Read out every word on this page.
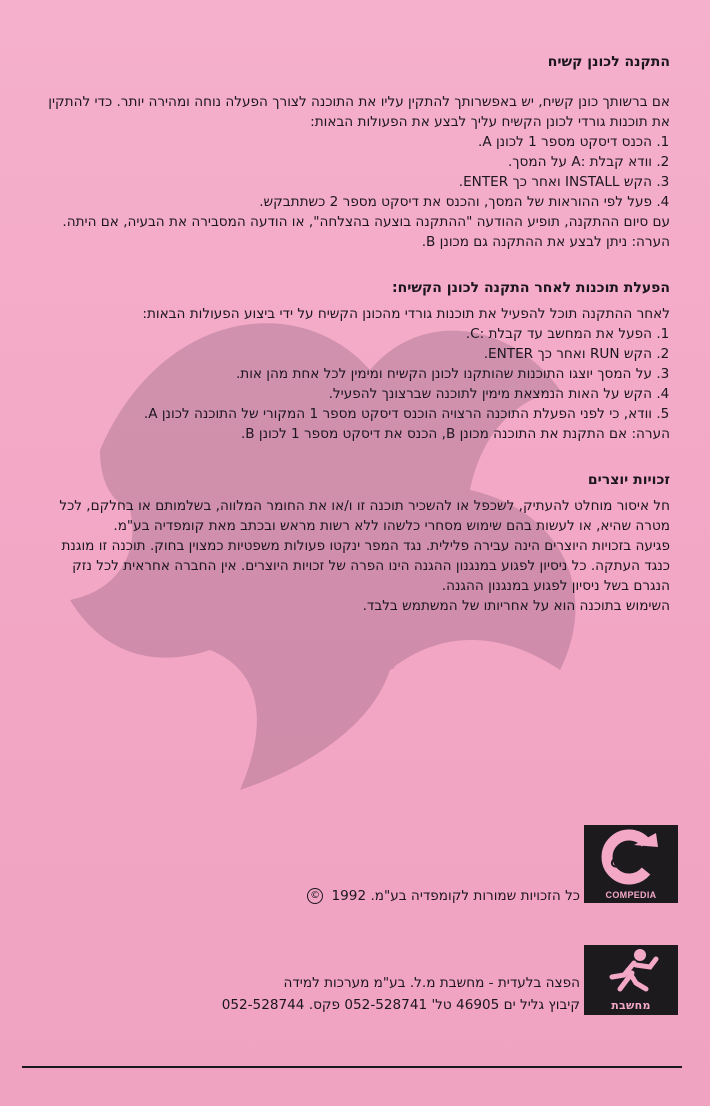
התקנה לכונן קשיח

אם ברשותך כונן קשיח, יש באפשרותך להתקין עליו את התוכנה לצורך הפעלה נוחה ומהירה יותר. כדי להתקין את תוכנות גורדי לכונן הקשיח עליך לבצע את הפעולות הבאות:

1. הכנס דיסקט מספר 1 לכונן A.
2. וודא קבלת :A על המסך.
3. הקש INSTALL ואחר כך ENTER.
4. פעל לפי ההוראות של המסך, והכנס את דיסקט מספר 2 כשתתבקש.

עם סיום ההתקנה, תופיע ההודעה "ההתקנה בוצעה בהצלחה", או הודעה המסבירה את הבעיה, אם היתה.

הערה: ניתן לבצע את ההתקנה גם מכונן B.

הפעלת תוכנות לאחר התקנה לכונן הקשיח:

לאחר ההתקנה תוכל להפעיל את תוכנות גורדי מהכונן הקשיח על ידי ביצוע הפעולות הבאות:

1. הפעל את המחשב עד קבלת :C.
2. הקש RUN ואחר כך ENTER.
3. על המסך יוצגו התוכנות שהותקנו לכונן הקשיח ומימין לכל אחת מהן אות.
4. הקש על האות הנמצאת מימין לתוכנה שברצונך להפעיל.
5. וודא, כי לפני הפעלת התוכנה הרצויה הוכנס דיסקט מספר 1 המקורי של התוכנה לכונן A.

הערה: אם התקנת את התוכנה מכונן B, הכנס את דיסקט מספר 1 לכונן B.

זכויות יוצרים

חל איסור מוחלט להעתיק, לשכפל או להשכיר תוכנה זו ו/או את החומר המלווה, בשלמותם או בחלקם, לכל מטרה שהיא, או לעשות בהם שימוש מסחרי כלשהו ללא רשות מראש ובכתב מאת קומפדיה בע"מ.

פגיעה בזכויות היוצרים הינה עבירה פלילית. נגד המפר ינקטו פעולות משפטיות כמצוין בחוק. תוכנה זו מוגנת כנגד העתקה. כל ניסיון לפגוע במנגנון ההגנה הינו הפרה של זכויות היוצרים. אין החברה אחראית לכל נזק הנגרם בשל ניסיון לפגוע במנגנון ההגנה.

השימוש בתוכנה הוא על אחריותו של המשתמש בלבד.

COMPEDIA
כל הזכויות שמורות לקומפדיה בע"מ. 1992 ©
מחשבת
הפצה בלעדית - מחשבת מ.ל. בע"מ מערכות למידה
קיבוץ גליל ים 46905 טל' 052-528741 פקס. 052-528744
